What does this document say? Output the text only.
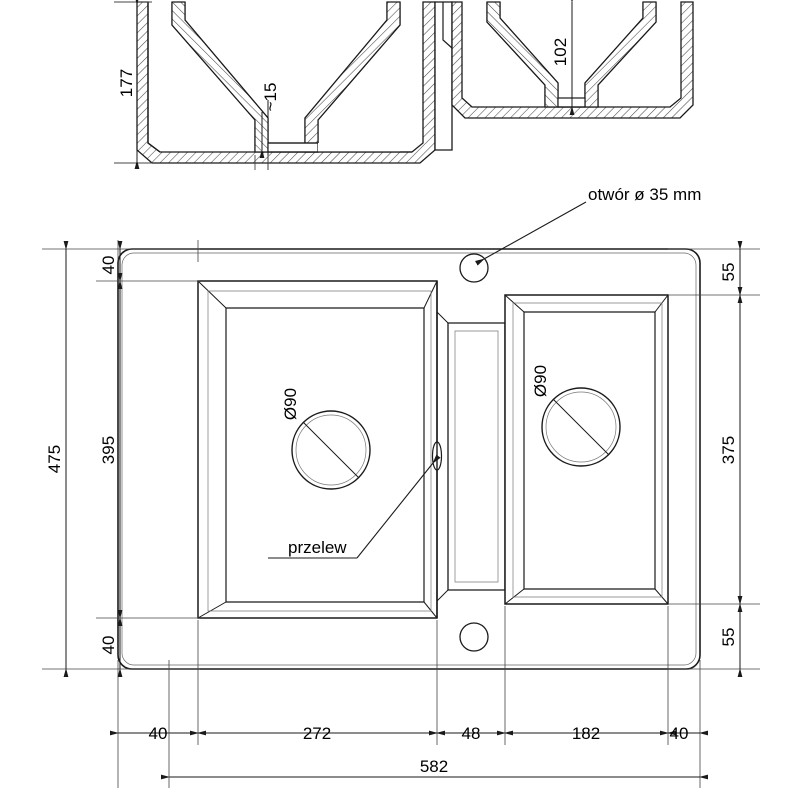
177	~15
102
Ø90
Ø90
otwór ø 35 mm
przelew
40
395
40
475
55
375
55
40	272	48	182	40
582
